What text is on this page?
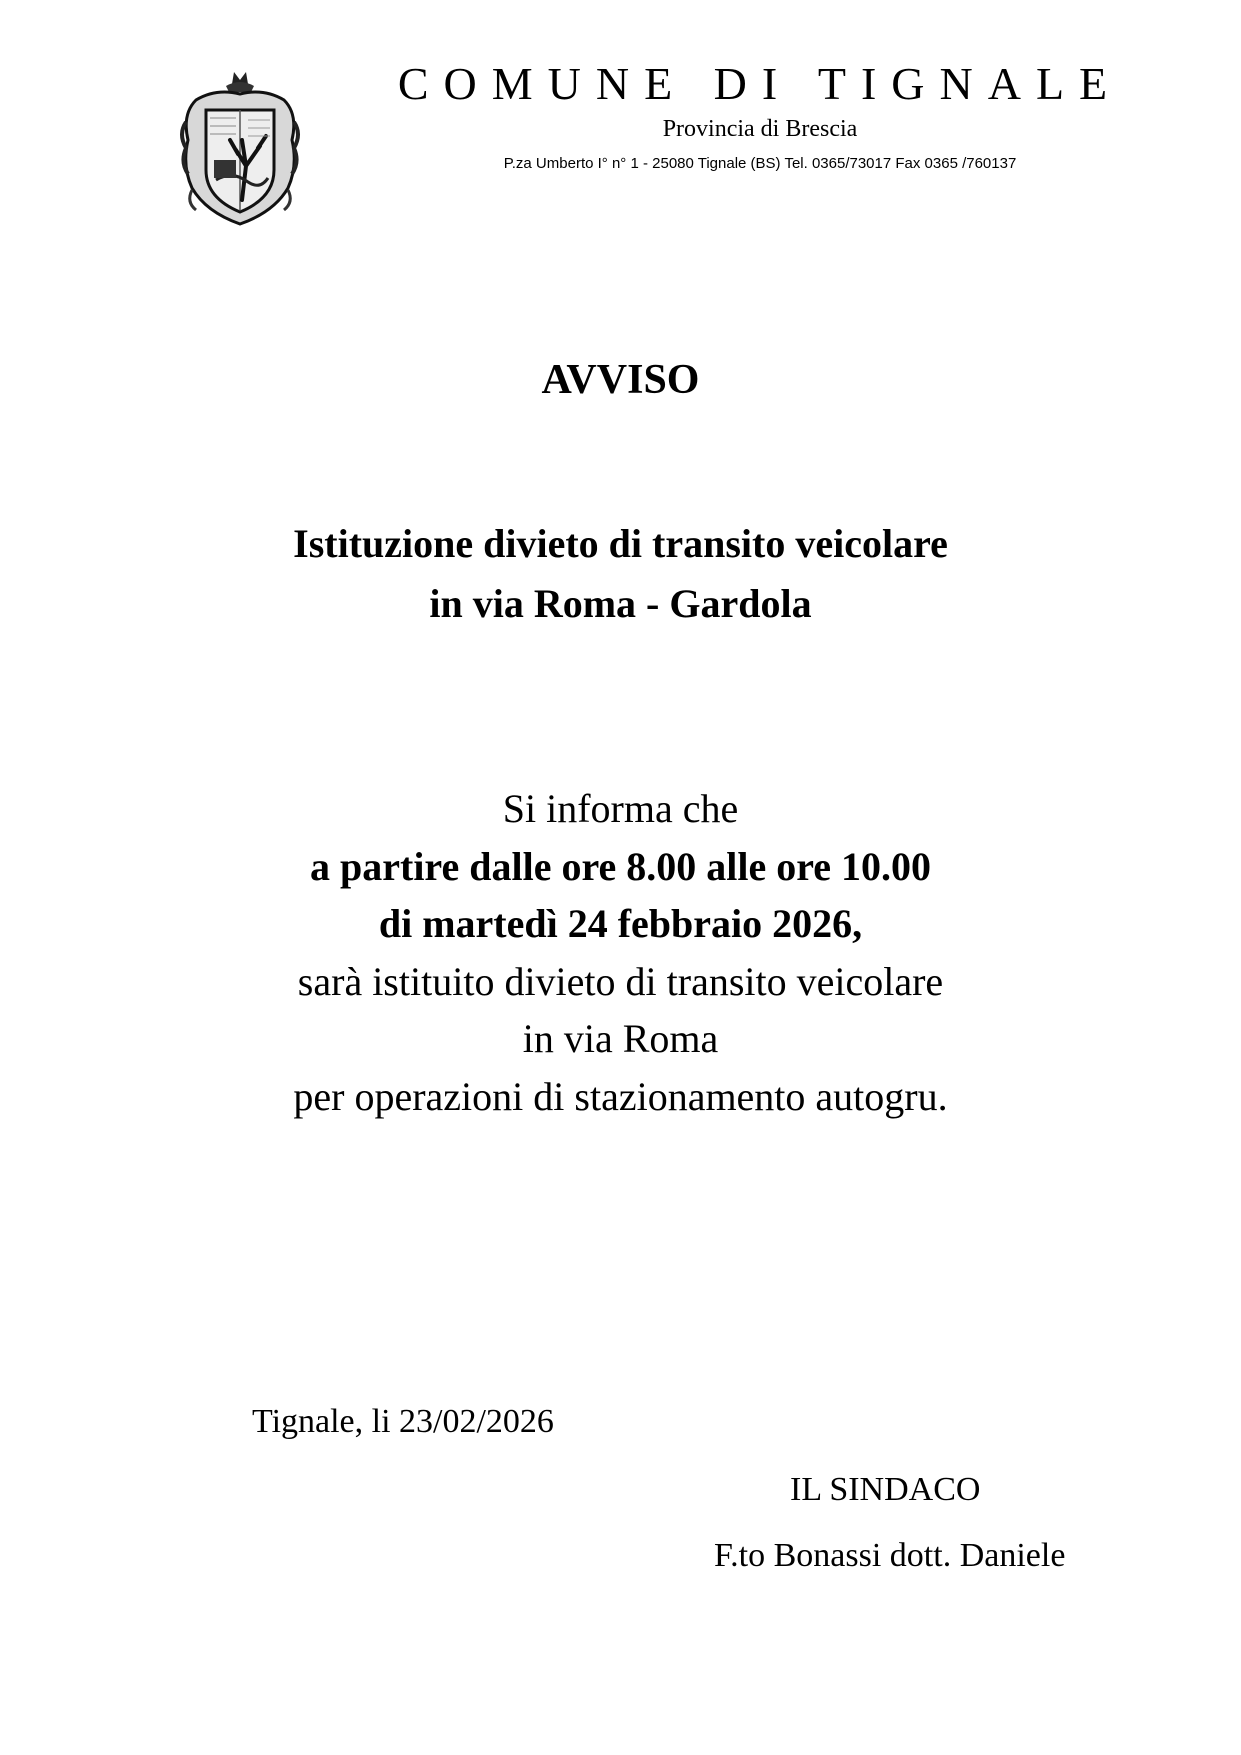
COMUNE DI TIGNALE
Provincia di Brescia
P.za Umberto I° n° 1 - 25080 Tignale (BS) Tel. 0365/73017 Fax 0365 /760137
AVVISO
Istituzione divieto di transito veicolare
in via Roma - Gardola
Si informa che
a partire dalle ore 8.00 alle ore 10.00
di martedì 24 febbraio 2026,
sarà istituito divieto di transito veicolare
in via Roma
per operazioni di stazionamento autogru.
Tignale, li 23/02/2026
IL SINDACO
F.to Bonassi dott. Daniele
